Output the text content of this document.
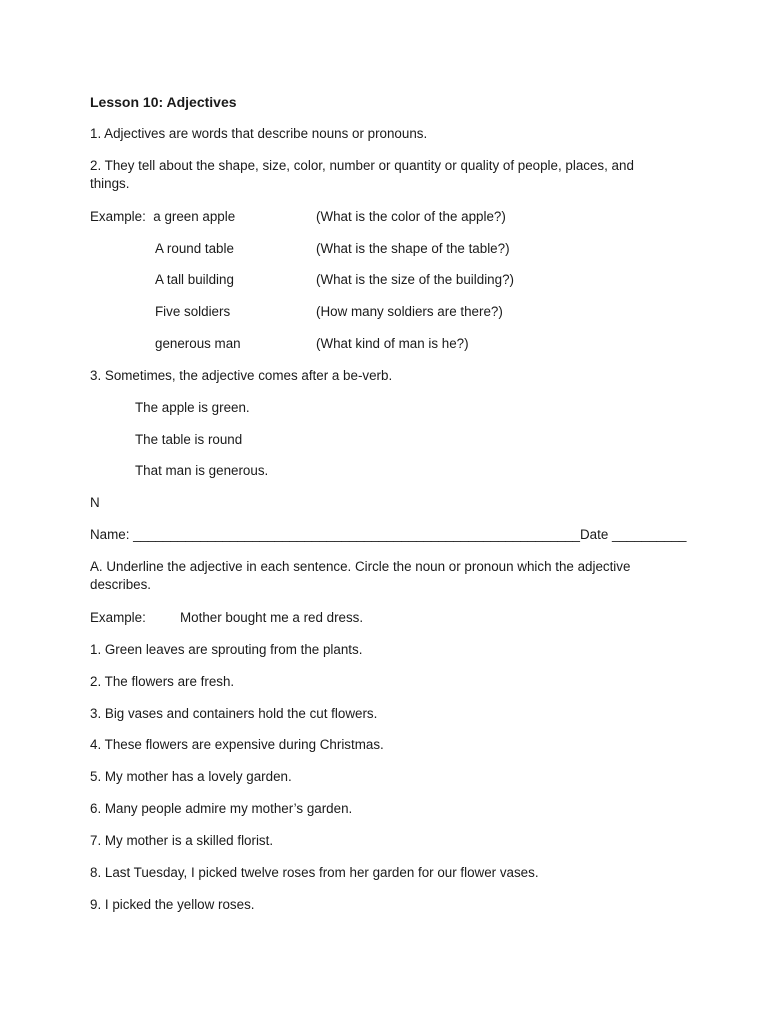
Lesson 10: Adjectives
1. Adjectives are words that describe nouns or pronouns.
2. They tell about the shape, size, color, number or quantity or quality of people, places, and things.
Example: a green apple	(What is the color of the apple?)
A round table	(What is the shape of the table?)
A tall building	(What is the size of the building?)
Five soldiers	(How many soldiers are there?)
generous man	(What kind of man is he?)
3. Sometimes, the adjective comes after a be-verb.
The apple is green.
The table is round
That man is generous.
N
Name: ____________________________________________________________Date __________
A. Underline the adjective in each sentence. Circle the noun or pronoun which the adjective describes.
Example:	Mother bought me a red dress.
1. Green leaves are sprouting from the plants.
2. The flowers are fresh.
3. Big vases and containers hold the cut flowers.
4. These flowers are expensive during Christmas.
5. My mother has a lovely garden.
6. Many people admire my mother’s garden.
7. My mother is a skilled florist.
8. Last Tuesday, I picked twelve roses from her garden for our flower vases.
9. I picked the yellow roses.
